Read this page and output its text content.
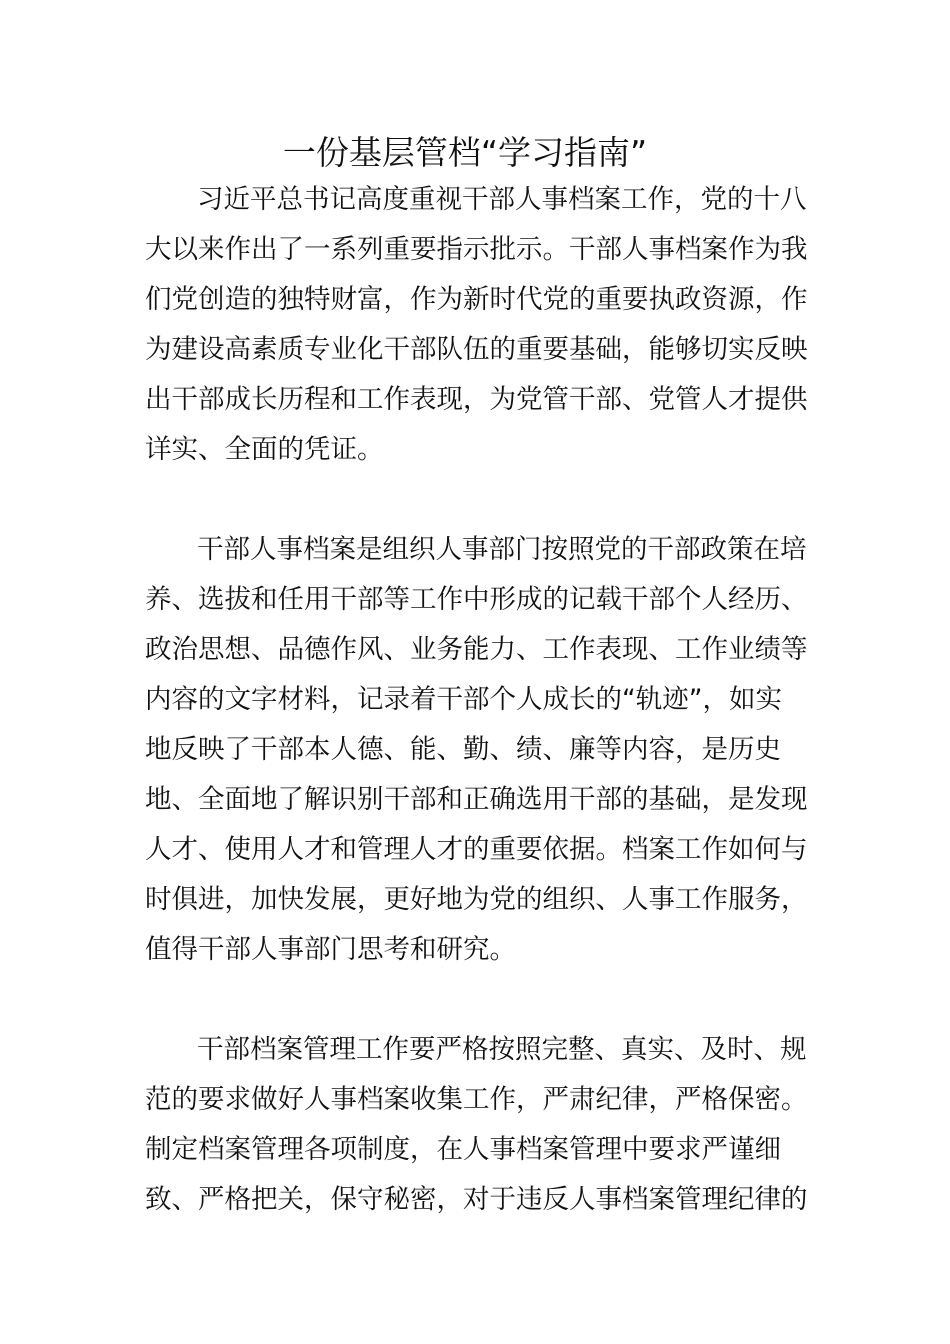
一份基层管档“学习指南”
习近平总书记高度重视干部人事档案工作，党的十八
大以来作出了一系列重要指示批示。干部人事档案作为我
们党创造的独特财富，作为新时代党的重要执政资源，作
为建设高素质专业化干部队伍的重要基础，能够切实反映
出干部成长历程和工作表现，为党管干部、党管人才提供
详实、全面的凭证。
干部人事档案是组织人事部门按照党的干部政策在培
养、选拔和任用干部等工作中形成的记载干部个人经历、
政治思想、品德作风、业务能力、工作表现、工作业绩等
内容的文字材料，记录着干部个人成长的“轨迹”，如实
地反映了干部本人德、能、勤、绩、廉等内容，是历史
地、全面地了解识别干部和正确选用干部的基础，是发现
人才、使用人才和管理人才的重要依据。档案工作如何与
时俱进，加快发展，更好地为党的组织、人事工作服务，
值得干部人事部门思考和研究。
干部档案管理工作要严格按照完整、真实、及时、规
范的要求做好人事档案收集工作，严肃纪律，严格保密。
制定档案管理各项制度，在人事档案管理中要求严谨细
致、严格把关，保守秘密，对于违反人事档案管理纪律的
